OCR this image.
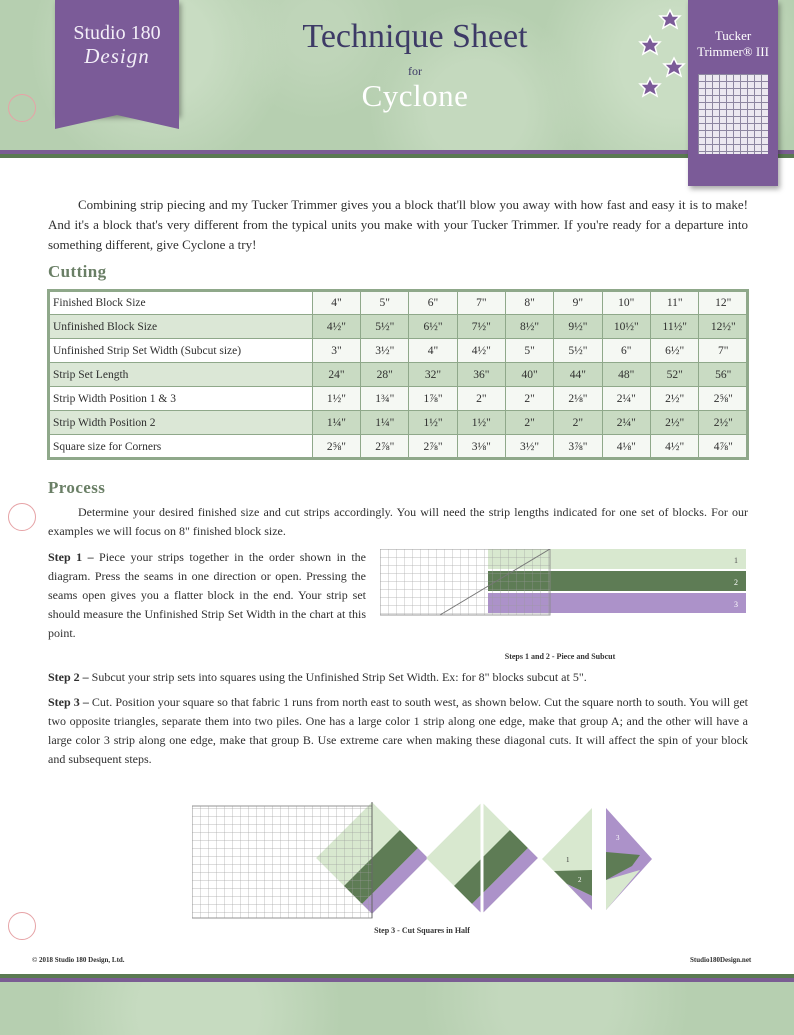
Studio 180
Design
Technique Sheet
for
Cyclone
Tucker
Trimmer® III
Combining strip piecing and my Tucker Trimmer gives you a block that'll blow you away with how fast and easy it is to make! And it's a block that's very different from the typical units you make with your Tucker Trimmer. If you're ready for a departure into something different, give Cyclone a try!
Cutting
Finished Block Size	4"	5"	6"	7"	8"	9"	10"	11"	12"
Unfinished Block Size	4½"	5½"	6½"	7½"	8½"	9½"	10½"	11½"	12½"
Unfinished Strip Set Width (Subcut size)	3"	3½"	4"	4½"	5"	5½"	6"	6½"	7"
Strip Set Length	24"	28"	32"	36"	40"	44"	48"	52"	56"
Strip Width Position 1 & 3	1½"	1¾"	1⅞"	2"	2"	2⅛"	2¼"	2½"	2⅝"
Strip Width Position 2	1¼"	1¼"	1½"	1½"	2"	2"	2¼"	2½"	2½"
Square size for Corners	2⅝"	2⅞"	2⅞"	3⅛"	3½"	3⅞"	4⅛"	4½"	4⅞"
Process
Determine your desired finished size and cut strips accordingly. You will need the strip lengths indicated for one set of blocks. For our examples we will focus on 8" finished block size.
Step 1 – Piece your strips together in the order shown in the diagram. Press the seams in one direction or open. Pressing the seams open gives you a flatter block in the end. Your strip set should measure the Unfinished Strip Set Width in the chart at this point.
1
2
3
Steps 1 and 2 - Piece and Subcut
Step 2 – Subcut your strip sets into squares using the Unfinished Strip Set Width. Ex: for 8" blocks subcut at 5".
Step 3 – Cut. Position your square so that fabric 1 runs from north east to south west, as shown below. Cut the square north to south. You will get two opposite triangles, separate them into two piles. One has a large color 1 strip along one edge, make that group A; and the other will have a large color 3 strip along one edge, make that group B. Use extreme care when making these diagonal cuts. It will affect the spin of your block and subsequent steps.
1
2
3
Step 3 - Cut Squares in Half
© 2018 Studio 180 Design, Ltd.	Studio180Design.net
